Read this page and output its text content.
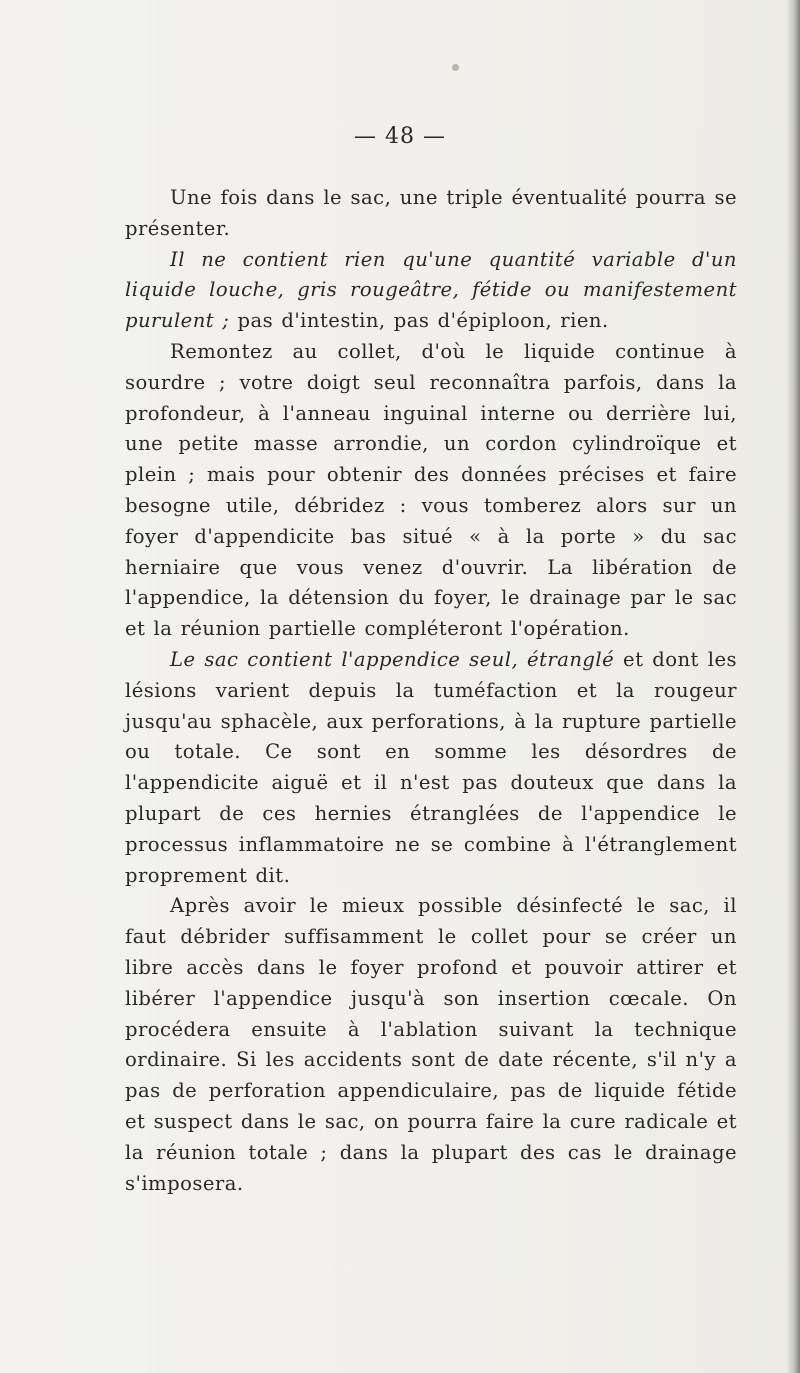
— 48 —

Une fois dans le sac, une triple éventualité pourra se présenter.

Il ne contient rien qu'une quantité variable d'un liquide louche, gris rougeâtre, fétide ou manifestement purulent ; pas d'intestin, pas d'épiploon, rien.

Remontez au collet, d'où le liquide continue à sourdre ; votre doigt seul reconnaîtra parfois, dans la profondeur, à l'anneau inguinal interne ou derrière lui, une petite masse arrondie, un cordon cylindroïque et plein ; mais pour obtenir des données précises et faire besogne utile, débridez : vous tomberez alors sur un foyer d'appendicite bas situé « à la porte » du sac herniaire que vous venez d'ouvrir. La libération de l'appendice, la détension du foyer, le drainage par le sac et la réunion partielle compléteront l'opération.

Le sac contient l'appendice seul, étranglé et dont les lésions varient depuis la tuméfaction et la rougeur jusqu'au sphacèle, aux perforations, à la rupture partielle ou totale. Ce sont en somme les désordres de l'appendicite aiguë et il n'est pas douteux que dans la plupart de ces hernies étranglées de l'appendice le processus inflammatoire ne se combine à l'étranglement proprement dit.

Après avoir le mieux possible désinfecté le sac, il faut débrider suffisamment le collet pour se créer un libre accès dans le foyer profond et pouvoir attirer et libérer l'appendice jusqu'à son insertion cœcale. On procédera ensuite à l'ablation suivant la technique ordinaire. Si les accidents sont de date récente, s'il n'y a pas de perforation appendiculaire, pas de liquide fétide et suspect dans le sac, on pourra faire la cure radicale et la réunion totale ; dans la plupart des cas le drainage s'imposera.
